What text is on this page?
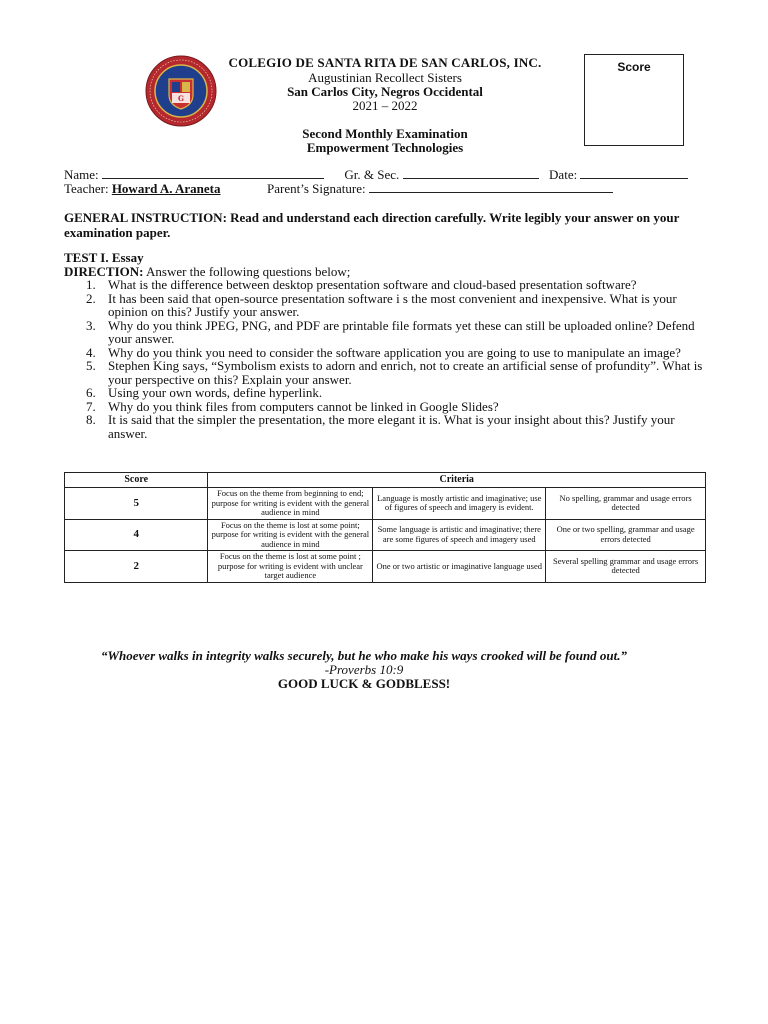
G
COLEGIO DE SANTA RITA DE SAN CARLOS, INC.
Augustinian Recollect Sisters
San Carlos City, Negros Occidental
2021 – 2022
Second Monthly Examination
Empowerment Technologies
Score
Name:	Gr. & Sec.	Date:
Teacher: Howard A. Araneta	Parent’s Signature:
GENERAL INSTRUCTION: Read and understand each direction carefully. Write legibly your answer on your examination paper.
TEST I. Essay
DIRECTION: Answer the following questions below;
1. What is the difference between desktop presentation software and cloud-based presentation software?
2. It has been said that open-source presentation software i s the most convenient and inexpensive. What is your opinion on this? Justify your answer.
3. Why do you think JPEG, PNG, and PDF are printable file formats yet these can still be uploaded online? Defend your answer.
4. Why do you think you need to consider the software application you are going to use to manipulate an image?
5. Stephen King says, “Symbolism exists to adorn and enrich, not to create an artificial sense of profundity”. What is your perspective on this? Explain your answer.
6. Using your own words, define hyperlink.
7. Why do you think files from computers cannot be linked in Google Slides?
8. It is said that the simpler the presentation, the more elegant it is. What is your insight about this? Justify your answer.
Score	Criteria		
5	Focus on the theme from beginning to end; purpose for writing is evident with the general audience in mind	Language is mostly artistic and imaginative; use of figures of speech and imagery is evident.	No spelling, grammar and usage errors detected
4	Focus on the theme is lost at some point; purpose for writing is evident with the general audience in mind	Some language is artistic and imaginative; there are some figures of speech and imagery used	One or two spelling, grammar and usage errors detected
2	Focus on the theme is lost at some point ; purpose for writing is evident with unclear target audience	One or two artistic or imaginative language used	Several spelling grammar and usage errors detected
“Whoever walks in integrity walks securely, but he who make his ways crooked will be found out.”
-Proverbs 10:9
GOOD LUCK & GODBLESS!
